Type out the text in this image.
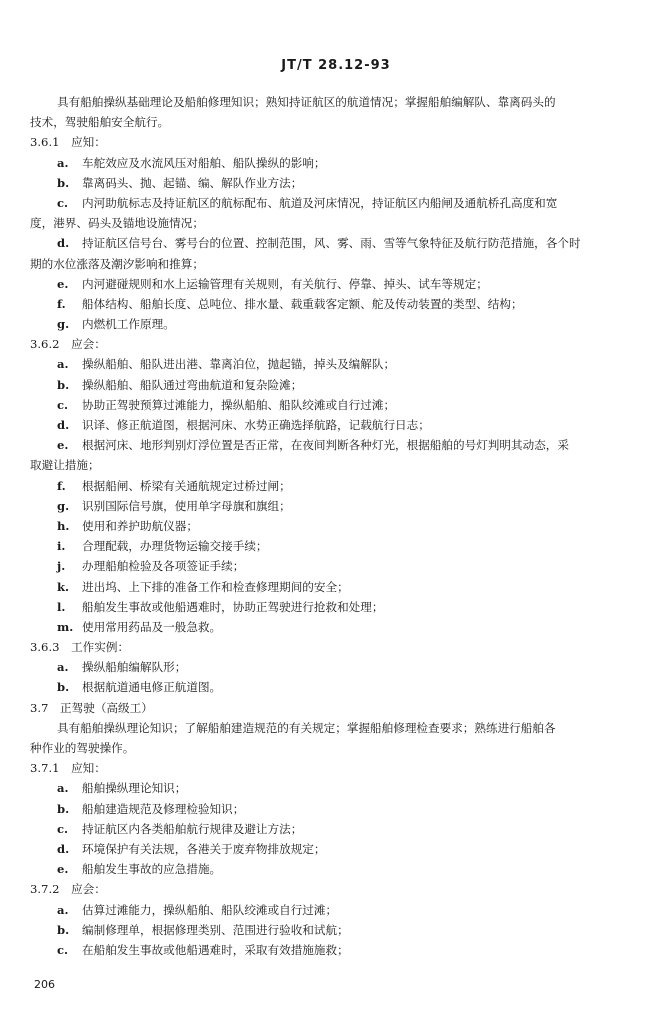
JT/T 28.12-93
具有船舶操纵基础理论及船舶修理知识；熟知持证航区的航道情况；掌握船舶编解队、靠离码头的
技术，驾驶船舶安全航行。
3.6.1　应知：
a. 车舵效应及水流风压对船舶、船队操纵的影响；
b. 靠离码头、抛、起锚、编、解队作业方法；
c. 内河助航标志及持证航区的航标配布、航道及河床情况，持证航区内船闸及通航桥孔高度和宽
度，港界、码头及锚地设施情况；
d. 持证航区信号台、雾号台的位置、控制范围，风、雾、雨、雪等气象特征及航行防范措施，各个时
期的水位涨落及潮汐影响和推算；
e. 内河避碰规则和水上运输管理有关规则，有关航行、停靠、掉头、试车等规定；
f. 船体结构、船舶长度、总吨位、排水量、载重载客定额、舵及传动装置的类型、结构；
g. 内燃机工作原理。
3.6.2　应会：
a. 操纵船舶、船队进出港、靠离泊位，抛起锚，掉头及编解队；
b. 操纵船舶、船队通过弯曲航道和复杂险滩；
c. 协助正驾驶预算过滩能力，操纵船舶、船队绞滩或自行过滩；
d. 识译、修正航道图，根据河床、水势正确选择航路，记载航行日志；
e. 根据河床、地形判别灯浮位置是否正常，在夜间判断各种灯光，根据船舶的号灯判明其动态，采
取避让措施；
f. 根据船闸、桥梁有关通航规定过桥过闸；
g. 识别国际信号旗，使用单字母旗和旗组；
h. 使用和养护助航仪器；
i. 合理配载，办理货物运输交接手续；
j. 办理船舶检验及各项签证手续；
k. 进出坞、上下排的准备工作和检查修理期间的安全；
l. 船舶发生事故或他船遇难时，协助正驾驶进行抢救和处理；
m. 使用常用药品及一般急救。
3.6.3　工作实例：
a. 操纵船舶编解队形；
b. 根据航道通电修正航道图。
3.7　正驾驶（高级工）
具有船舶操纵理论知识；了解船舶建造规范的有关规定；掌握船舶修理检查要求；熟练进行船舶各
种作业的驾驶操作。
3.7.1　应知：
a. 船舶操纵理论知识；
b. 船舶建造规范及修理检验知识；
c. 持证航区内各类船舶航行规律及避让方法；
d. 环境保护有关法规，各港关于废弃物排放规定；
e. 船舶发生事故的应急措施。
3.7.2　应会：
a. 估算过滩能力，操纵船舶、船队绞滩或自行过滩；
b. 编制修理单，根据修理类别、范围进行验收和试航；
c. 在船舶发生事故或他船遇难时，采取有效措施施救；
206
